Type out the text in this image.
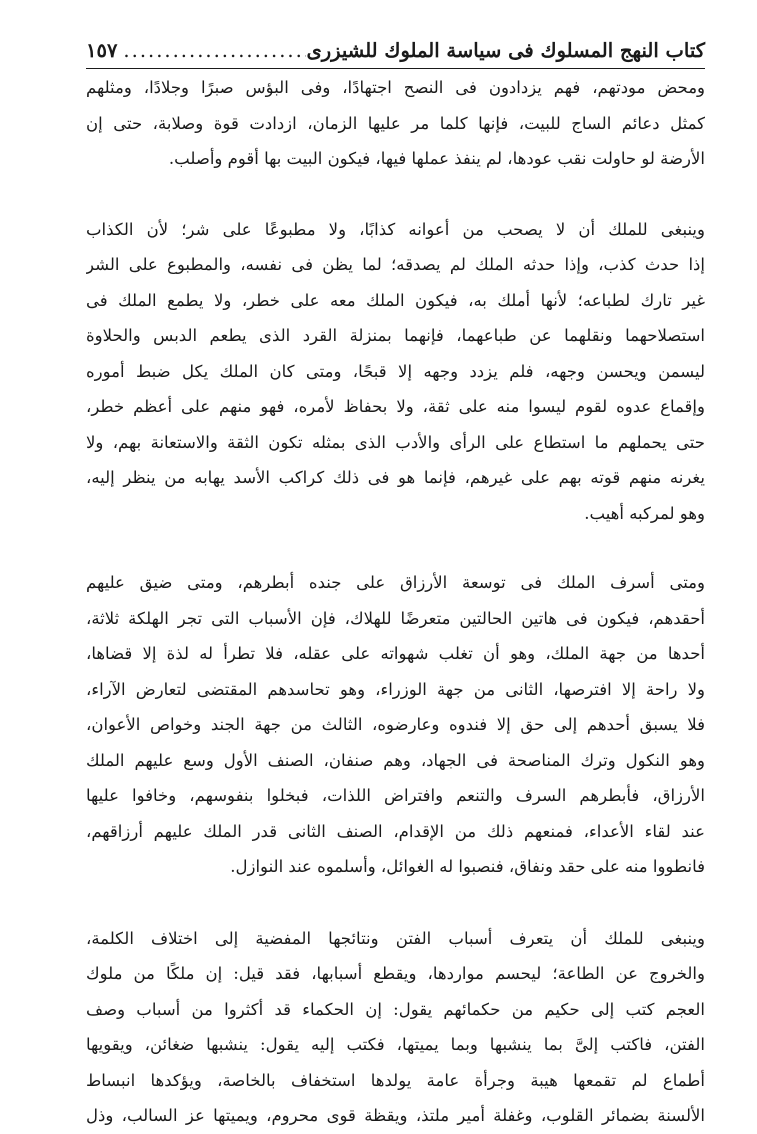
كتاب النهج المسلوك فى سياسة الملوك للشيزرى
.....
١٥٧

ومحض مودتهم، فهم يزدادون فى النصح اجتهادًا، وفى البؤس صبرًا وجلادًا، ومثلهم
كمثل دعائم الساج للبيت، فإنها كلما مر عليها الزمان، ازدادت قوة وصلابة، حتى إن
الأرضة لو حاولت نقب عودها، لم ينفذ عملها فيها، فيكون البيت بها أقوم وأصلب.

وينبغى للملك أن لا يصحب من أعوانه كذابًا، ولا مطبوعًا على شر؛ لأن الكذاب
إذا حدث كذب، وإذا حدثه الملك لم يصدقه؛ لما يظن فى نفسه، والمطبوع على الشر
غير تارك لطباعه؛ لأنها أملك به، فيكون الملك معه على خطر، ولا يطمع الملك فى
استصلاحهما ونقلهما عن طباعهما، فإنهما بمنزلة القرد الذى يطعم الدبس والحلاوة
ليسمن ويحسن وجهه، فلم يزدد وجهه إلا قبحًا، ومتى كان الملك يكل ضبط أموره
وإقماع عدوه لقوم ليسوا منه على ثقة، ولا بحفاظ لأمره، فهو منهم على أعظم خطر،
حتى يحملهم ما استطاع على الرأى والأدب الذى بمثله تكون الثقة والاستعانة بهم، ولا
يغرنه منهم قوته بهم على غيرهم، فإنما هو فى ذلك كراكب الأسد يهابه من ينظر إليه،
وهو لمركبه أهيب.

ومتى أسرف الملك فى توسعة الأرزاق على جنده أبطرهم، ومتى ضيق عليهم
أحقدهم، فيكون فى هاتين الحالتين متعرضًا للهلاك، فإن الأسباب التى تجر الهلكة ثلاثة،
أحدها من جهة الملك، وهو أن تغلب شهواته على عقله، فلا تطرأ له لذة إلا قضاها،
ولا راحة إلا افترصها، الثانى من جهة الوزراء، وهو تحاسدهم المقتضى لتعارض الآراء،
فلا يسبق أحدهم إلى حق إلا فندوه وعارضوه، الثالث من جهة الجند وخواص الأعوان،
وهو النكول وترك المناصحة فى الجهاد، وهم صنفان، الصنف الأول وسع عليهم الملك
الأرزاق، فأبطرهم السرف والتنعم وافتراض اللذات، فبخلوا بنفوسهم، وخافوا عليها
عند لقاء الأعداء، فمنعهم ذلك من الإقدام، الصنف الثانى قدر الملك عليهم أرزاقهم،
فانطووا منه على حقد ونفاق، فنصبوا له الغوائل، وأسلموه عند النوازل.

وينبغى للملك أن يتعرف أسباب الفتن ونتائجها المفضية إلى اختلاف الكلمة،
والخروج عن الطاعة؛ ليحسم مواردها، ويقطع أسبابها، فقد قيل: إن ملكًا من ملوك
العجم كتب إلى حكيم من حكمائهم يقول: إن الحكماء قد أكثروا من أسباب وصف
الفتن، فاكتب إلىَّ بما ينشبها وبما يميتها، فكتب إليه يقول: ينشبها ضغائن، ويقويها
أطماع لم تقمعها هيبة وجرأة عامة يولدها استخفاف بالخاصة، ويؤكدها انبساط
الألسنة بضمائر القلوب، وغفلة أمير ملتذ، ويقظة قوى محروم، ويميتها عز السالب، وذل
